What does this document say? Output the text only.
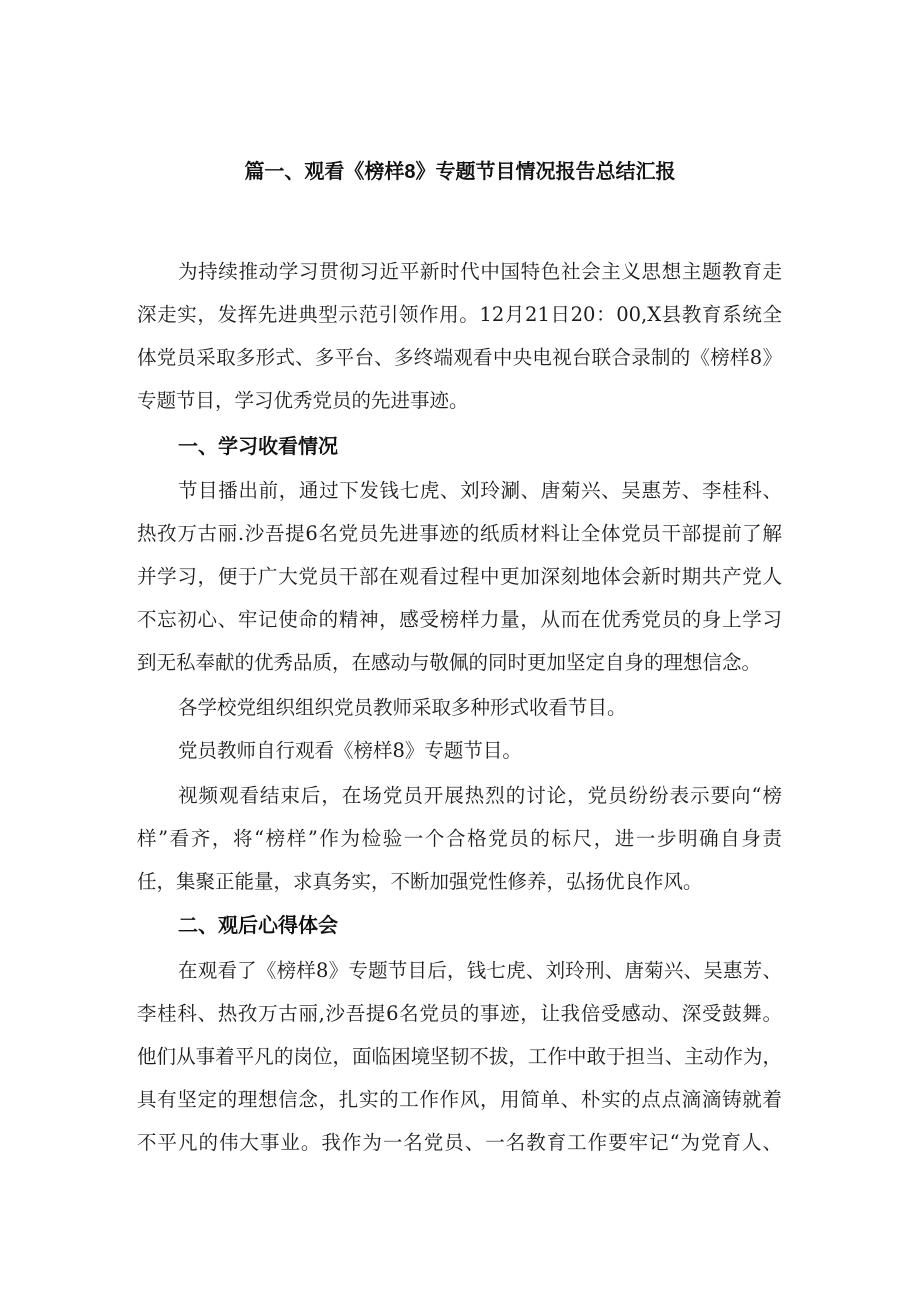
篇一、观看《榜样8》专题节目情况报告总结汇报
为持续推动学习贯彻习近平新时代中国特色社会主义思想主题教育走
深走实，发挥先进典型示范引领作用。12月21日20：00,X县教育系统全
体党员采取多形式、多平台、多终端观看中央电视台联合录制的《榜样8》
专题节目，学习优秀党员的先进事迹。
一、学习收看情况
节目播出前，通过下发钱七虎、刘玲涮、唐菊兴、吴惠芳、李桂科、
热孜万古丽.沙吾提6名党员先进事迹的纸质材料让全体党员干部提前了解
并学习，便于广大党员干部在观看过程中更加深刻地体会新时期共产党人
不忘初心、牢记使命的精神，感受榜样力量，从而在优秀党员的身上学习
到无私奉献的优秀品质，在感动与敬佩的同时更加坚定自身的理想信念。
各学校党组织组织党员教师采取多种形式收看节目。
党员教师自行观看《榜样8》专题节目。
视频观看结束后，在场党员开展热烈的讨论，党员纷纷表示要向“榜
样”看齐，将“榜样”作为检验一个合格党员的标尺，进一步明确自身责
任，集聚正能量，求真务实，不断加强党性修养，弘扬优良作风。
二、观后心得体会
在观看了《榜样8》专题节目后，钱七虎、刘玲刑、唐菊兴、吴惠芳、
李桂科、热孜万古丽,沙吾提6名党员的事迹，让我倍受感动、深受鼓舞。
他们从事着平凡的岗位，面临困境坚韧不拔，工作中敢于担当、主动作为，
具有坚定的理想信念，扎实的工作作风，用简单、朴实的点点滴滴铸就着
不平凡的伟大事业。我作为一名党员、一名教育工作要牢记“为党育人、
